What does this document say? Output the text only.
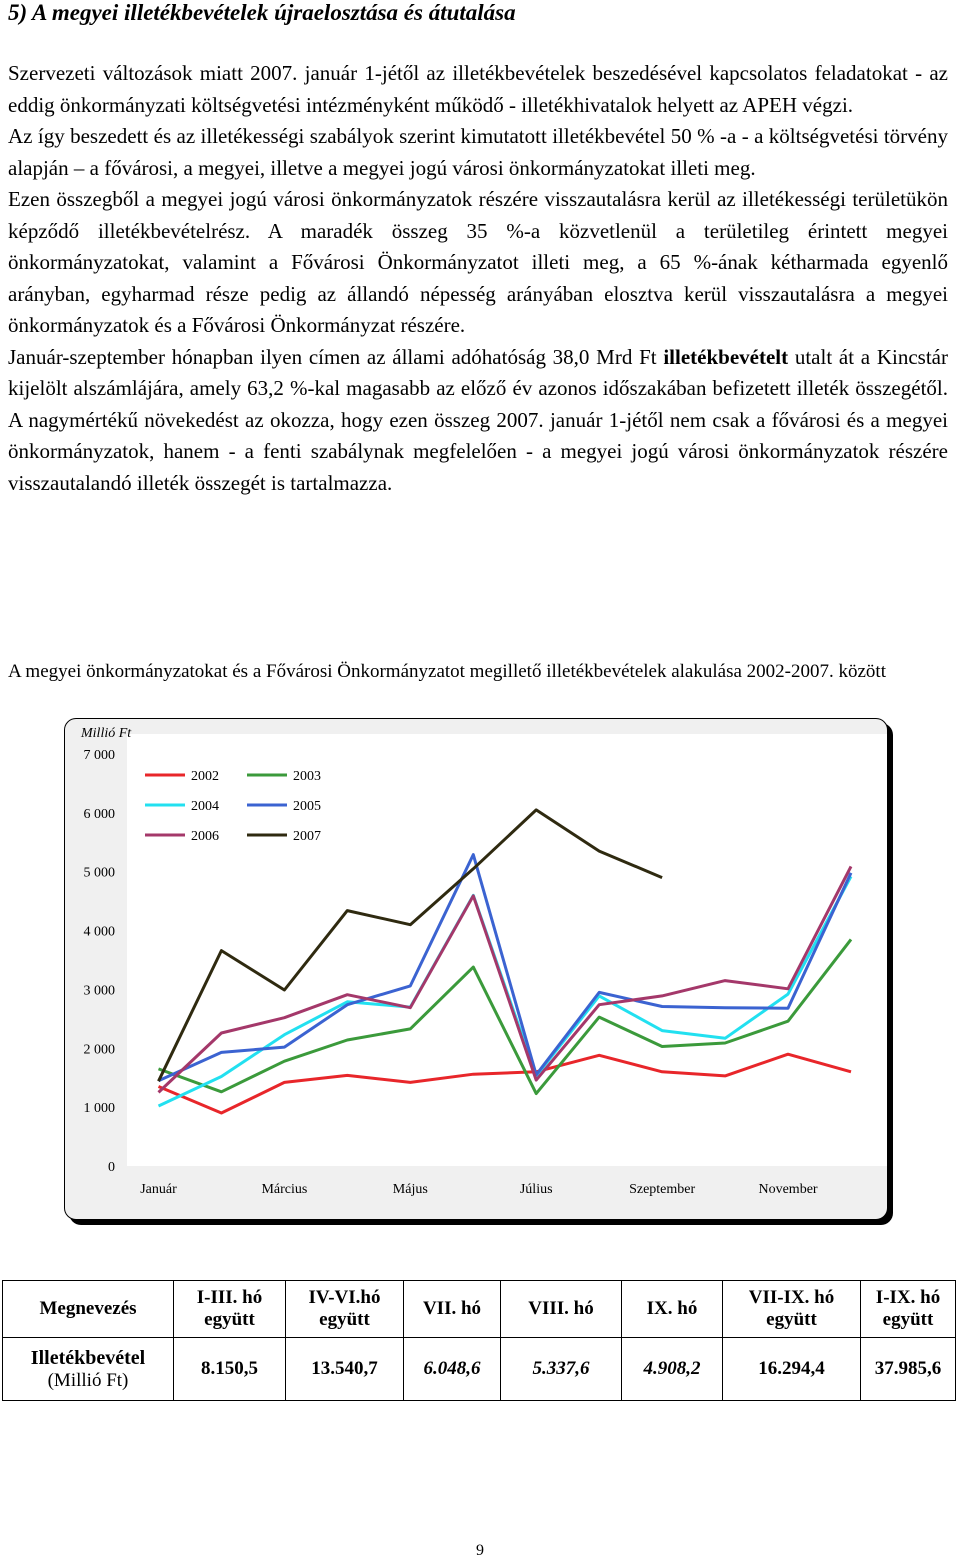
5) A megyei illetékbevételek újraelosztása és átutalása

Szervezeti változások miatt 2007. január 1-jétől az illetékbevételek beszedésével kapcsolatos feladatokat - az eddig önkormányzati költségvetési intézményként működő - illetékhivatalok helyett az APEH végzi.

Az így beszedett és az illetékességi szabályok szerint kimutatott illetékbevétel 50 % -a - a költségvetési törvény alapján – a fővárosi, a megyei, illetve a megyei jogú városi önkormányzatokat illeti meg.

Ezen összegből a megyei jogú városi önkormányzatok részére visszautalásra kerül az illetékességi területükön képződő illetékbevételrész. A maradék összeg 35 %-a közvetlenül a területileg érintett megyei önkormányzatokat, valamint a Fővárosi Önkormányzatot illeti meg, a 65 %-ának kétharmada egyenlő arányban, egyharmad része pedig az állandó népesség arányában elosztva kerül visszautalásra a megyei önkormányzatok és a Fővárosi Önkormányzat részére.

Január-szeptember hónapban ilyen címen az állami adóhatóság 38,0 Mrd Ft illetékbevételt utalt át a Kincstár kijelölt alszámlájára, amely 63,2 %-kal magasabb az előző év azonos időszakában befizetett illeték összegétől. A nagymértékű növekedést az okozza, hogy ezen összeg 2007. január 1-jétől nem csak a fővárosi és a megyei önkormányzatok, hanem - a fenti szabálynak megfelelően - a megyei jogú városi önkormányzatok részére visszautalandó illeték összegét is tartalmazza.

A megyei önkormányzatokat és a Fővárosi Önkormányzatot megillető illetékbevételek alakulása 2002-2007. között
Millió Ft
0
1 000
2 000
3 000
4 000
5 000
6 000
7 000
Január	Március	Május	Július	Szeptember	November
2002	2003
2004	2005
2006	2007
Megnevezés	I-III. hó együtt	IV-VI.hó együtt	VII. hó	VIII. hó	IX. hó	VII-IX. hó együtt	I-IX. hó együtt
Illetékbevétel
(Millió Ft)	8.150,5	13.540,7	6.048,6	5.337,6	4.908,2	16.294,4	37.985,6
9
